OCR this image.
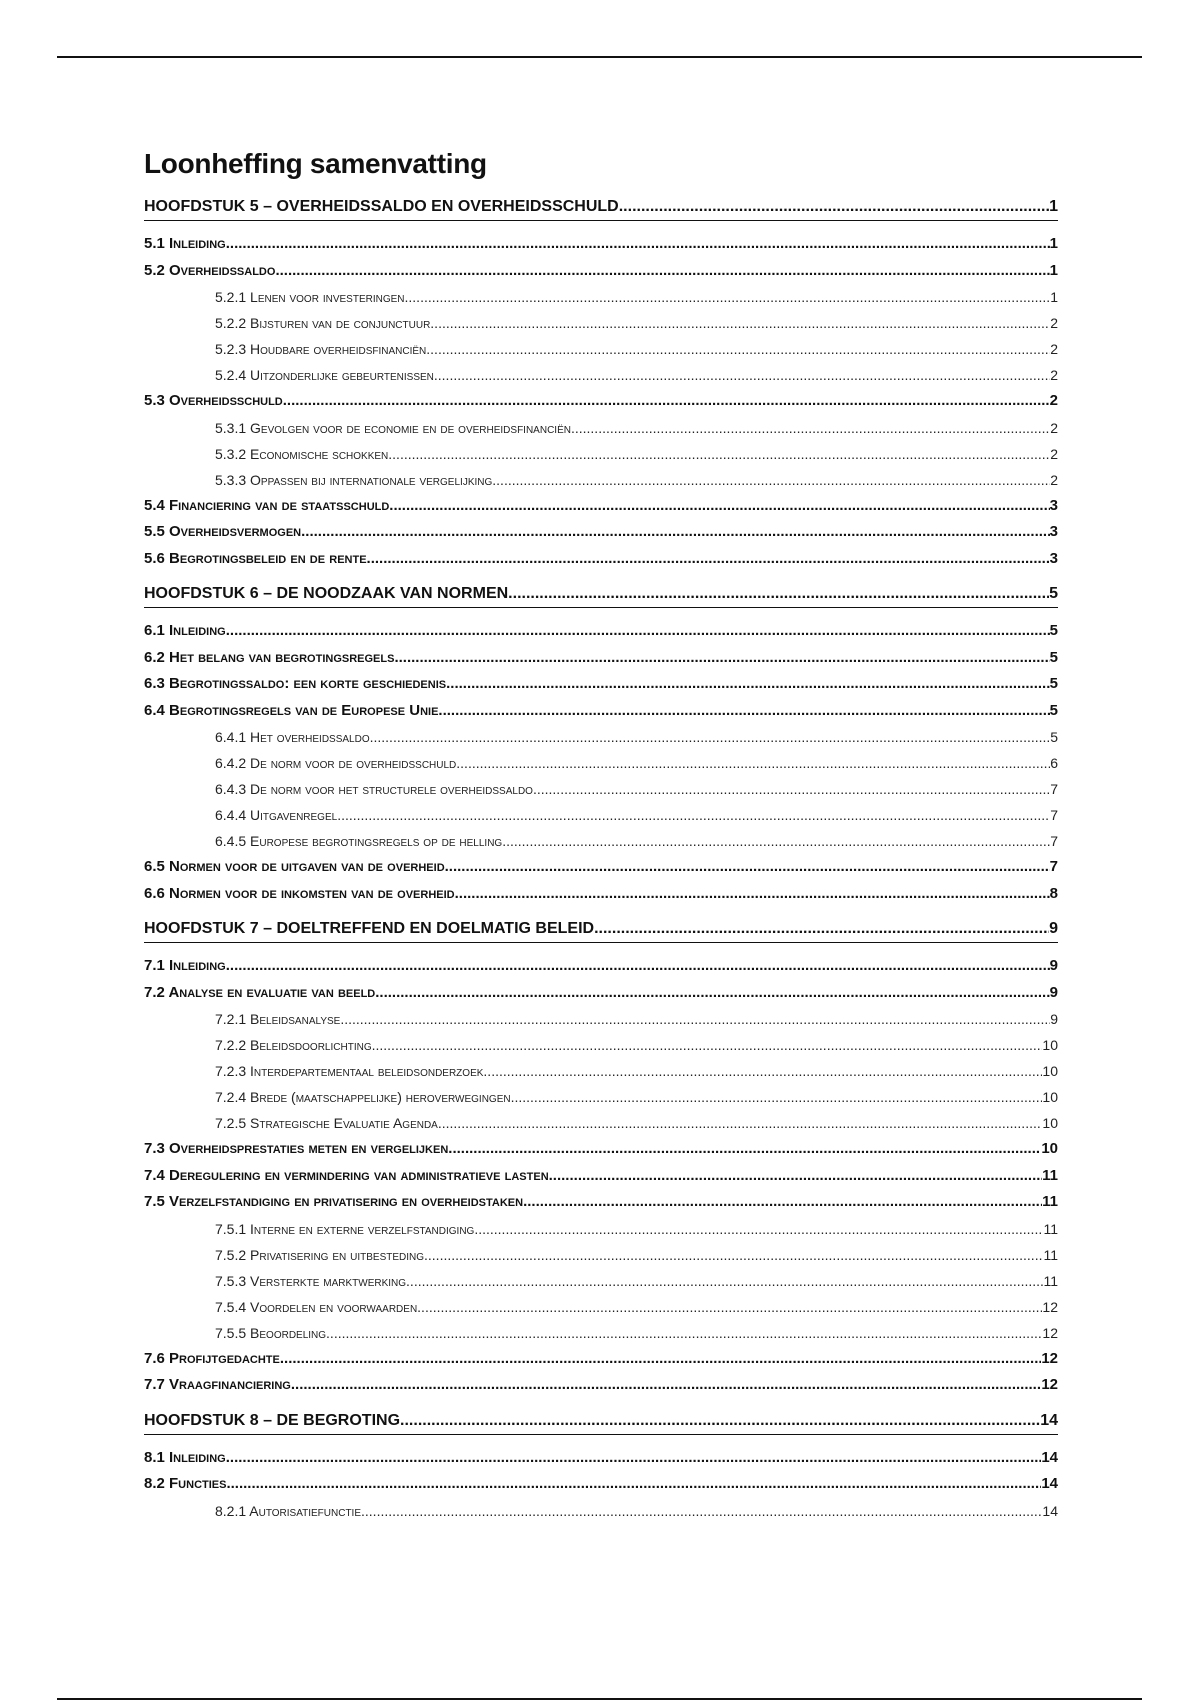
Loonheffing samenvatting
HOOFDSTUK 5 – OVERHEIDSSALDO EN OVERHEIDSSCHULD .....	1
5.1 Inleiding .....	1
5.2 Overheidssaldo .....	1
5.2.1 Lenen voor investeringen .....	1
5.2.2 Bijsturen van de conjunctuur .....	2
5.2.3 Houdbare overheidsfinanciën .....	2
5.2.4 Uitzonderlijke gebeurtenissen .....	2
5.3 Overheidsschuld .....	2
5.3.1 Gevolgen voor de economie en de overheidsfinanciën .....	2
5.3.2 Economische schokken .....	2
5.3.3 Oppassen bij internationale vergelijking .....	2
5.4 Financiering van de staatsschuld .....	3
5.5 Overheidsvermogen .....	3
5.6 Begrotingsbeleid en de rente .....	3
HOOFDSTUK 6 – DE NOODZAAK VAN NORMEN .....	5
6.1 Inleiding .....	5
6.2 Het belang van begrotingsregels .....	5
6.3 Begrotingssaldo: een korte geschiedenis .....	5
6.4 Begrotingsregels van de Europese Unie .....	5
6.4.1 Het overheidssaldo .....	5
6.4.2 De norm voor de overheidsschuld .....	6
6.4.3 De norm voor het structurele overheidssaldo .....	7
6.4.4 Uitgavenregel .....	7
6.4.5 Europese begrotingsregels op de helling .....	7
6.5 Normen voor de uitgaven van de overheid .....	7
6.6 Normen voor de inkomsten van de overheid .....	8
HOOFDSTUK 7 – DOELTREFFEND EN DOELMATIG BELEID .....	9
7.1 Inleiding .....	9
7.2 Analyse en evaluatie van beeld .....	9
7.2.1 Beleidsanalyse .....	9
7.2.2 Beleidsdoorlichting .....	10
7.2.3 Interdepartementaal beleidsonderzoek .....	10
7.2.4 Brede (maatschappelijke) heroverwegingen .....	10
7.2.5 Strategische Evaluatie Agenda .....	10
7.3 Overheidsprestaties meten en vergelijken .....	10
7.4 Deregulering en vermindering van administratieve lasten .....	11
7.5 Verzelfstandiging en privatisering en overheidstaken .....	11
7.5.1 Interne en externe verzelfstandiging .....	11
7.5.2 Privatisering en uitbesteding .....	11
7.5.3 Versterkte marktwerking .....	11
7.5.4 Voordelen en voorwaarden .....	12
7.5.5 Beoordeling .....	12
7.6 Profijtgedachte .....	12
7.7 Vraagfinanciering .....	12
HOOFDSTUK 8 – DE BEGROTING .....	14
8.1 Inleiding .....	14
8.2 Functies .....	14
8.2.1 Autorisatiefunctie .....	14
